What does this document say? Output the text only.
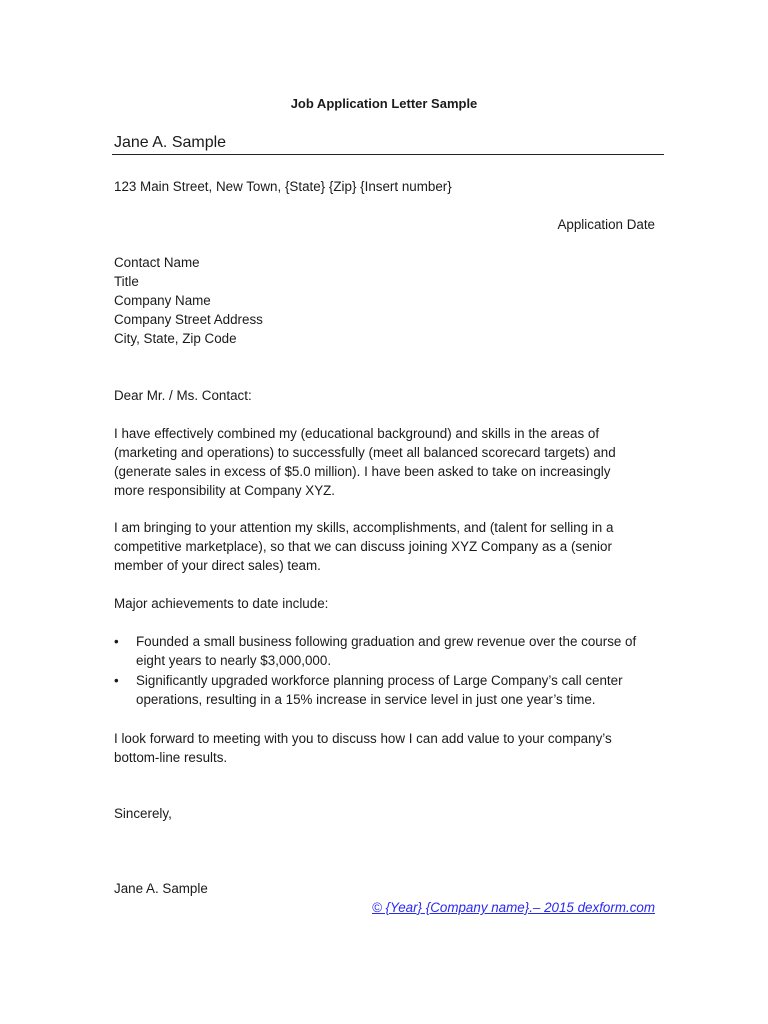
Job Application Letter Sample
Jane A. Sample
123 Main Street, New Town, {State} {Zip} {Insert number}
Application Date
Contact Name
Title
Company Name
Company Street Address
City, State, Zip Code
Dear Mr. / Ms. Contact:
I have effectively combined my (educational background) and skills in the areas of
(marketing and operations) to successfully (meet all balanced scorecard targets) and
(generate sales in excess of $5.0 million). I have been asked to take on increasingly
more responsibility at Company XYZ.
I am bringing to your attention my skills, accomplishments, and (talent for selling in a
competitive marketplace), so that we can discuss joining XYZ Company as a (senior
member of your direct sales) team.
Major achievements to date include:
• Founded a small business following graduation and grew revenue over the course of
eight years to nearly $3,000,000.
• Significantly upgraded workforce planning process of Large Company’s call center
operations, resulting in a 15% increase in service level in just one year’s time.
I look forward to meeting with you to discuss how I can add value to your company’s
bottom-line results.
Sincerely,
Jane A. Sample
© {Year} {Company name}.– 2015 dexform.com
